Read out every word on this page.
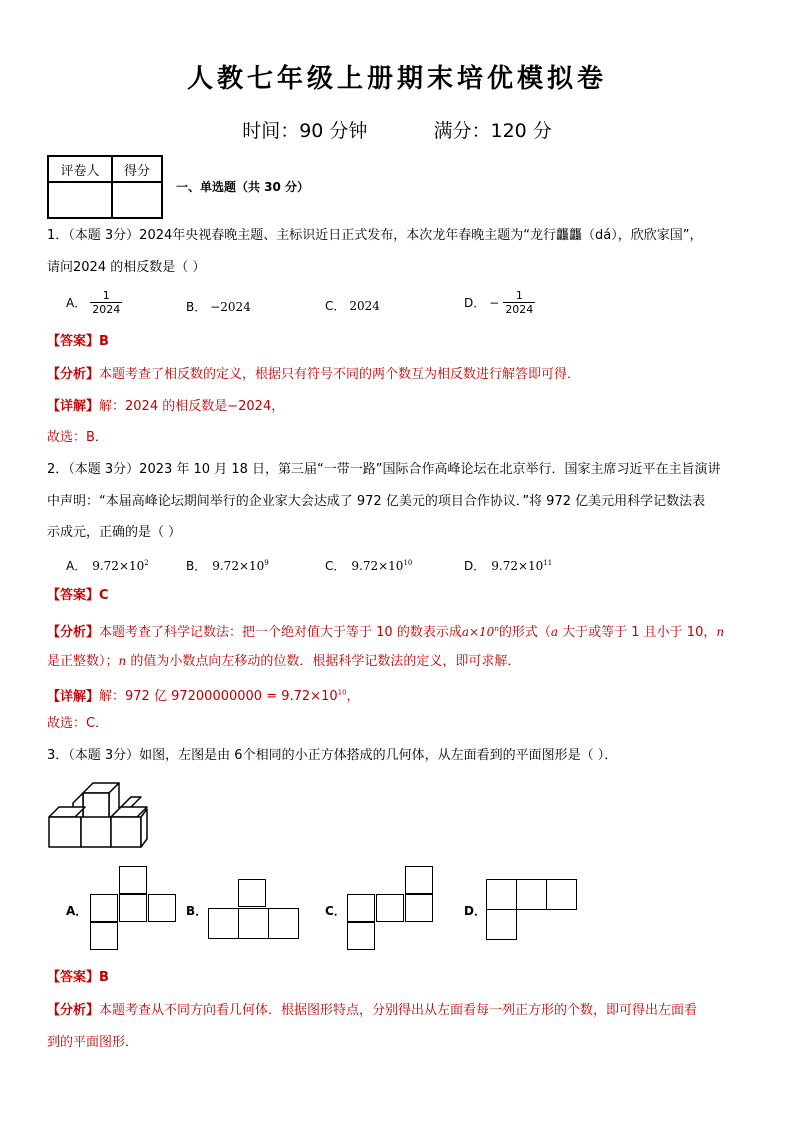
人教七年级上册期末培优模拟卷
时间：90 分钟	满分：120 分
评卷人	得分

一、单选题（共 30 分）
1．（本题 3分）2024年央视春晚主题、主标识近日正式发布，本次龙年春晚主题为“龙行龘龘（dá），欣欣家国”，
请问2024 的相反数是（ ）
A． $\frac{1}{2024}$	B． −2024	C． 2024	D． − $\frac{1}{2024}$
【答案】B
【分析】本题考查了相反数的定义，根据只有符号不同的两个数互为相反数进行解答即可得．
【详解】解：2024 的相反数是−2024，
故选：B．
2．（本题 3分）2023 年 10 月 18 日，第三届“一带一路”国际合作高峰论坛在北京举行．国家主席习近平在主旨演讲
中声明：“本届高峰论坛期间举行的企业家大会达成了 972 亿美元的项目合作协议．”将 972 亿美元用科学记数法表
示成元，正确的是（ ）
A． $9.72\times 10^2$	B． $9.72\times 10^9$	C． $9.72\times 10^{10}$	D． $9.72\times 10^{11}$
【答案】C
【分析】本题考查了科学记数法：把一个绝对值大于等于 10 的数表示成$a\times 10^n$的形式（a 大于或等于 1 且小于 10，n
是正整数）；n 的值为小数点向左移动的位数．根据科学记数法的定义，即可求解．
【详解】解：972 亿 $97200000000 = 9.72\times 10^{10}$，
故选：C．
3．（本题 3分）如图，左图是由 6个相同的小正方体搭成的几何体，从左面看到的平面图形是（ ）．
A．	B．	C．	D．
【答案】B
【分析】本题考查从不同方向看几何体．根据图形特点，分别得出从左面看每一列正方形的个数，即可得出左面看
到的平面图形．
